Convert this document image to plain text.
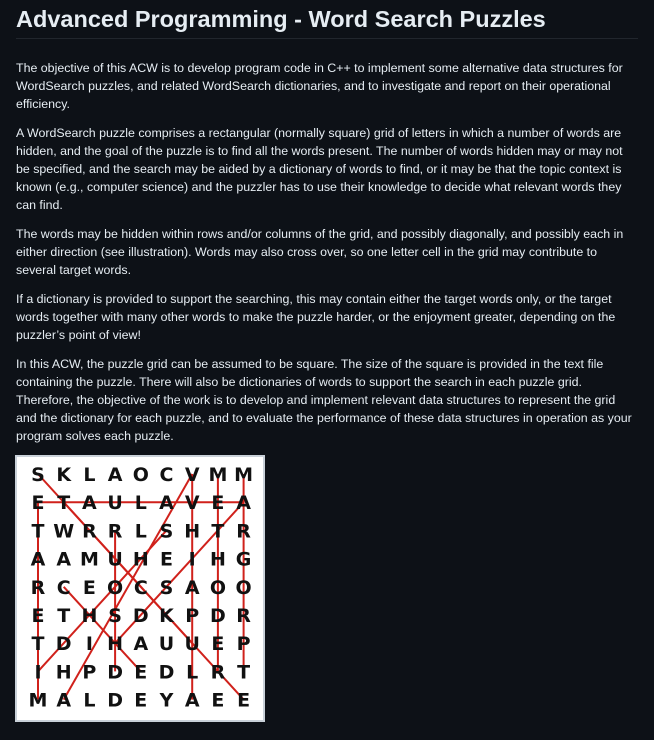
Advanced Programming - Word Search Puzzles

The objective of this ACW is to develop program code in C++ to implement some alternative data structures for WordSearch puzzles, and related WordSearch dictionaries, and to investigate and report on their operational efficiency.

A WordSearch puzzle comprises a rectangular (normally square) grid of letters in which a number of words are hidden, and the goal of the puzzle is to find all the words present. The number of words hidden may or may not be specified, and the search may be aided by a dictionary of words to find, or it may be that the topic context is known (e.g., computer science) and the puzzler has to use their knowledge to decide what relevant words they can find.

The words may be hidden within rows and/or columns of the grid, and possibly diagonally, and possibly each in either direction (see illustration). Words may also cross over, so one letter cell in the grid may contribute to several target words.

If a dictionary is provided to support the searching, this may contain either the target words only, or the target words together with many other words to make the puzzle harder, or the enjoyment greater, depending on the puzzler’s point of view!

In this ACW, the puzzle grid can be assumed to be square. The size of the square is provided in the text file containing the puzzle. There will also be dictionaries of words to support the search in each puzzle grid. Therefore, the objective of the work is to develop and implement relevant data structures to represent the grid and the dictionary for each puzzle, and to evaluate the performance of these data structures in operation as your program solves each puzzle.

S K L A O C V M M
E T A U L A V E A
T W R R L S H T R
A A M U H E I H G
R C E O C S A O O
E T H S D K P D R
T D I H A U U E P
I H P D E D L R T
M A L D E Y A E E
